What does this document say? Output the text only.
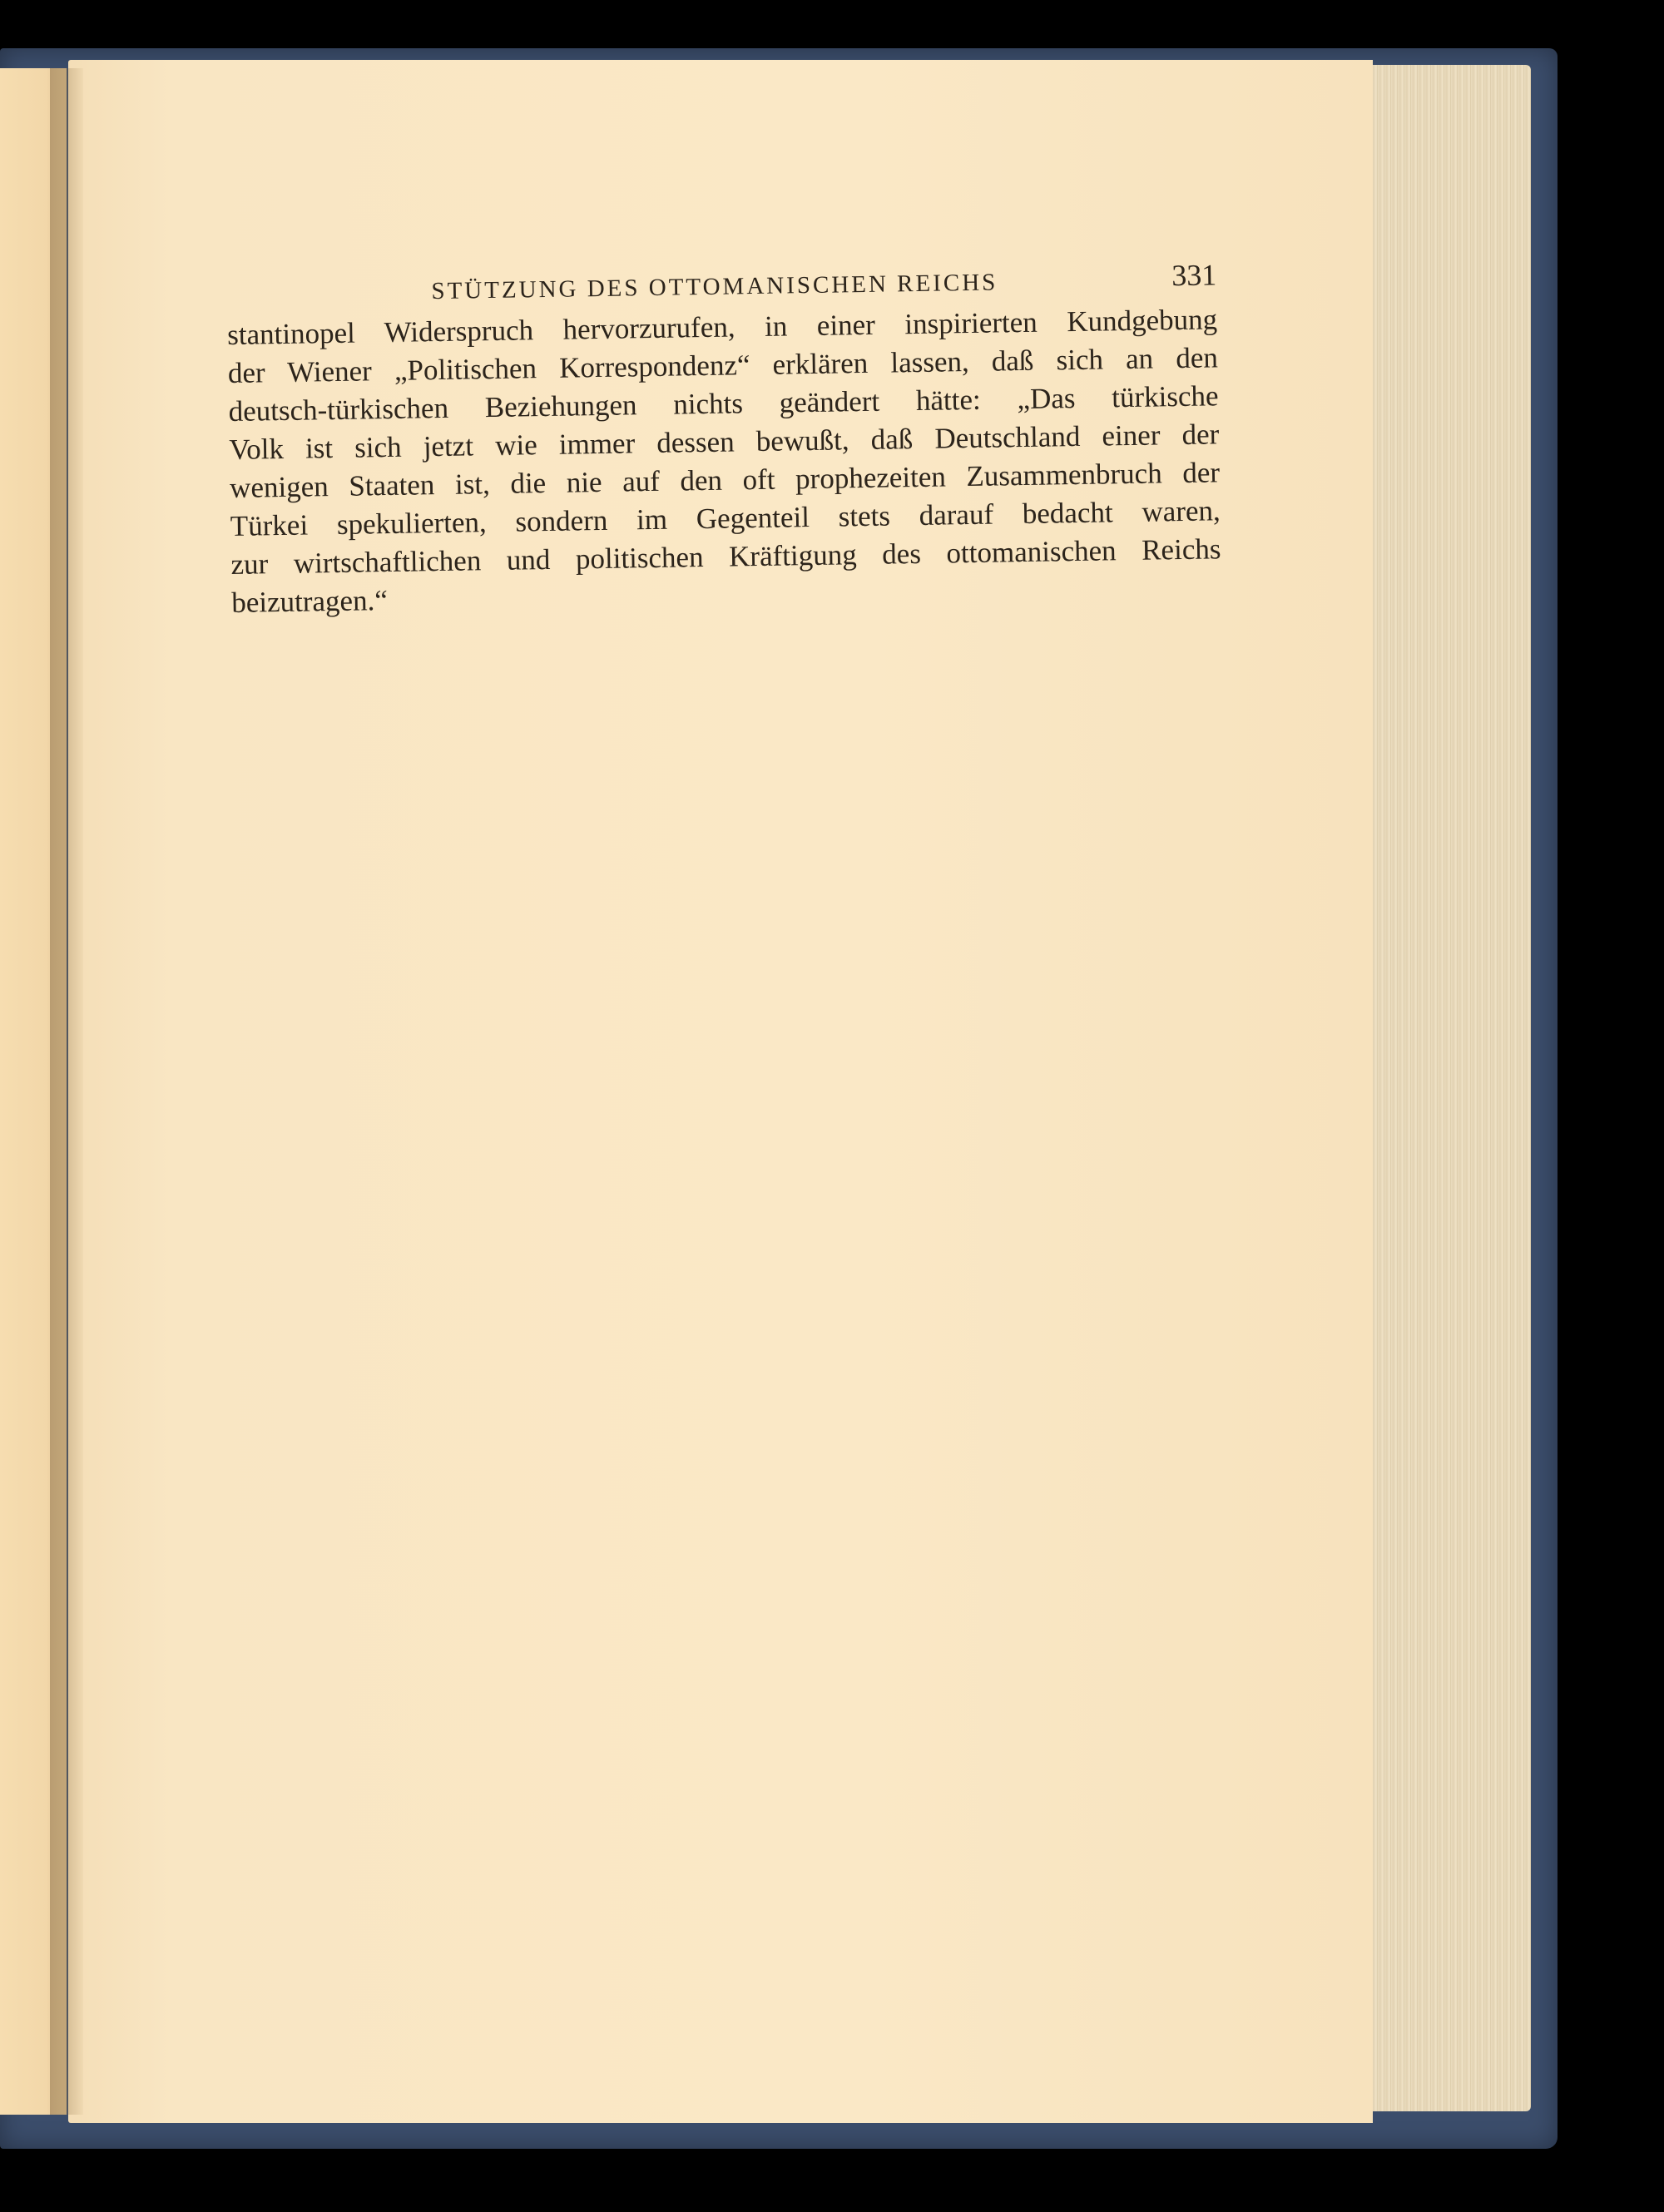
STÜTZUNG DES OTTOMANISCHEN REICHS	331
stantinopel Widerspruch hervorzurufen, in einer inspirierten Kundgebung
der Wiener „Politischen Korrespondenz“ erklären lassen, daß sich an den
deutsch-türkischen Beziehungen nichts geändert hätte: „Das türkische
Volk ist sich jetzt wie immer dessen bewußt, daß Deutschland einer der
wenigen Staaten ist, die nie auf den oft prophezeiten Zusammenbruch der
Türkei spekulierten, sondern im Gegenteil stets darauf bedacht waren,
zur wirtschaftlichen und politischen Kräftigung des ottomanischen Reichs
beizutragen.“
